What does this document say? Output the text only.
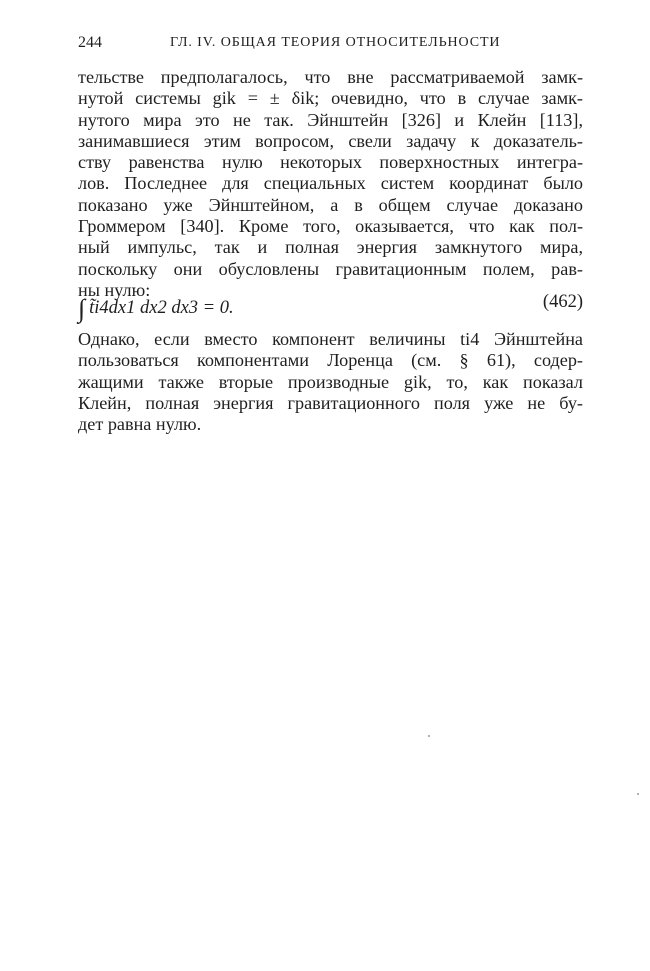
244	ГЛ. IV. ОБЩАЯ ТЕОРИЯ ОТНОСИТЕЛЬНОСТИ
тельстве предполагалось, что вне рассматриваемой замк-
нутой системы gik = ± δik; очевидно, что в случае замк-
нутого мира это не так. Эйнштейн [326] и Клейн [113],
занимавшиеся этим вопросом, свели задачу к доказатель-
ству равенства нулю некоторых поверхностных интегра-
лов. Последнее для специальных систем координат было
показано уже Эйнштейном, а в общем случае доказано
Громмером [340]. Кроме того, оказывается, что как пол-
ный импульс, так и полная энергия замкнутого мира,
поскольку они обусловлены гравитационным полем, рав-
ны нулю:
∫ t̃i4dx1 dx2 dx3 = 0.	(462)
Однако, если вместо компонент величины ti4 Эйнштейна
пользоваться компонентами Лоренца (см. § 61), содер-
жащими также вторые производные gik, то, как показал
Клейн, полная энергия гравитационного поля уже не бу-
дет равна нулю.
